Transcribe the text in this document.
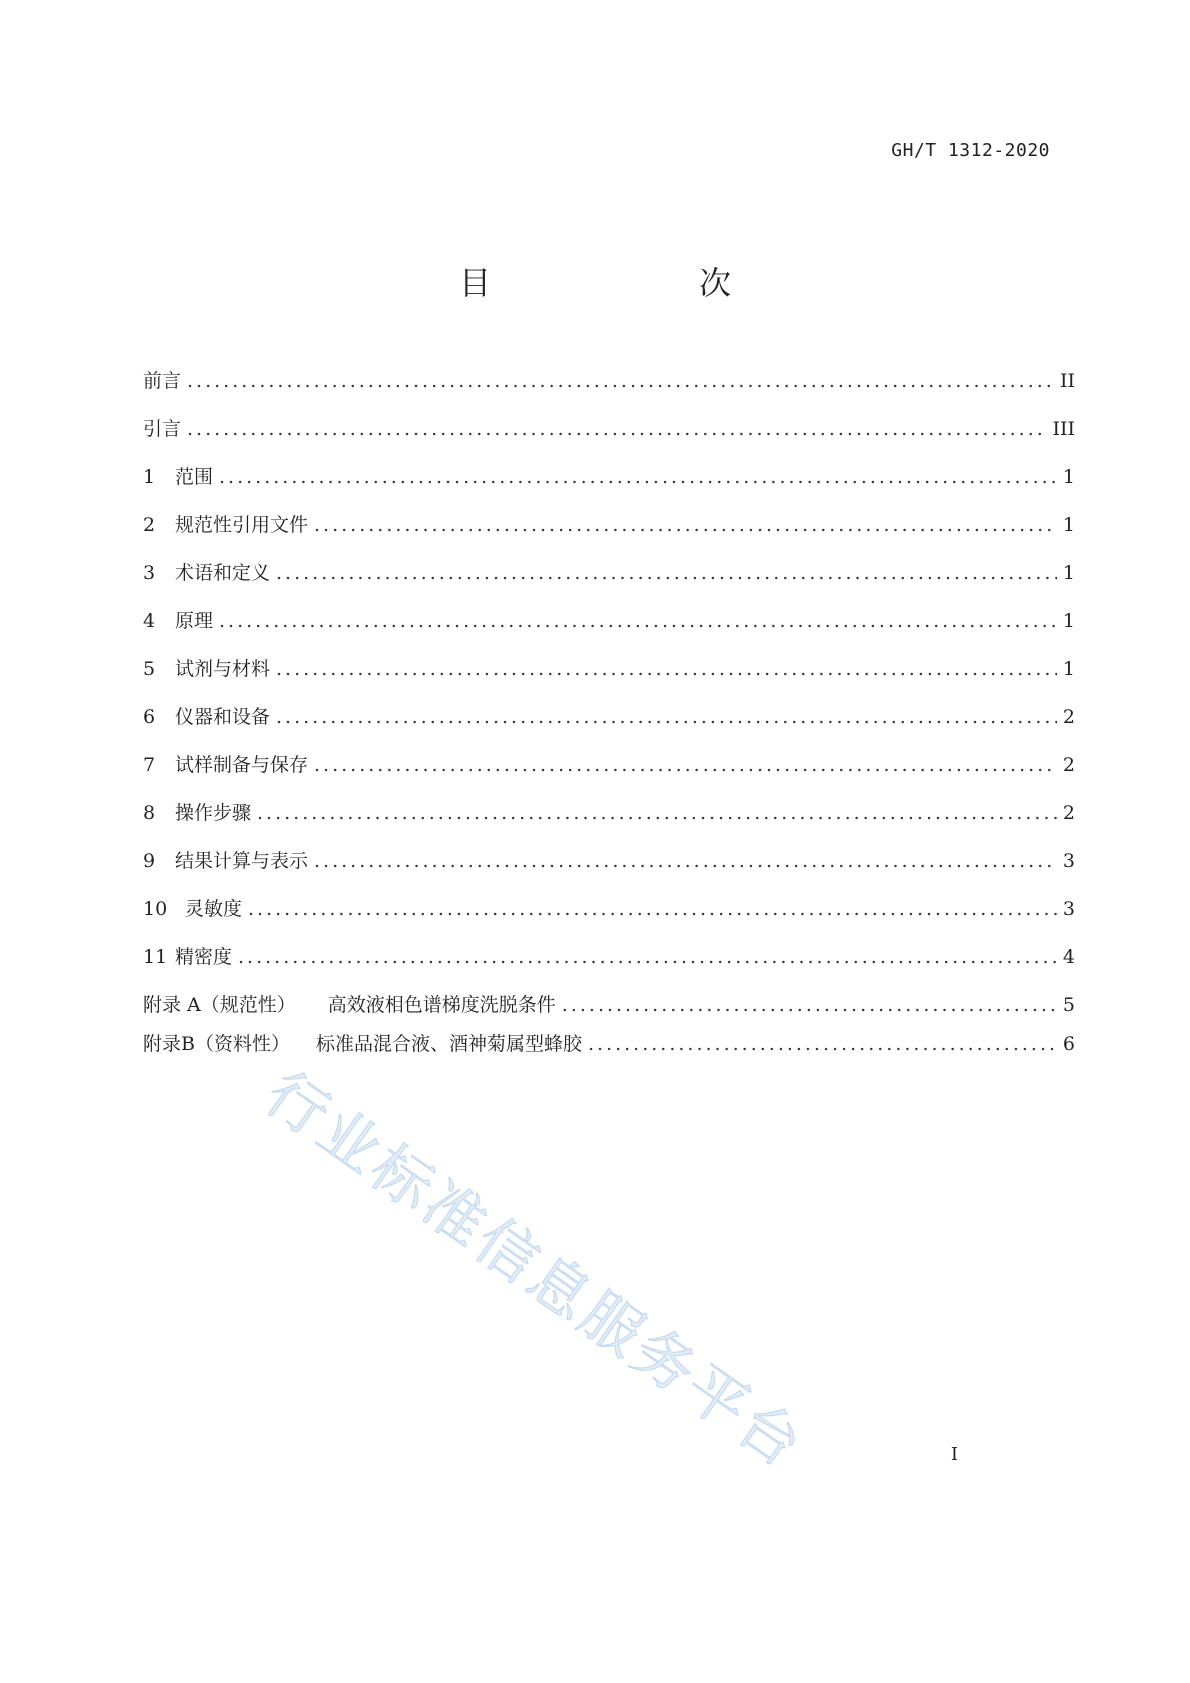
GH/T 1312-2020
目　　次
前言 .....	II
引言 .....	III
1	范围 .....	1
2	规范性引用文件 .....	1
3	术语和定义 .....	1
4	原理 .....	1
5	试剂与材料 .....	1
6	仪器和设备 .....	2
7	试样制备与保存 .....	2
8	操作步骤 .....	2
9	结果计算与表示 .....	3
10 灵敏度 .....	3
11 精密度 .....	4
附录 A（规范性） 高效液相色谱梯度洗脱条件 .....	5
附录B（资料性） 标准品混合液、酒神菊属型蜂胶 .....	6
行业标准信息服务平台	I
